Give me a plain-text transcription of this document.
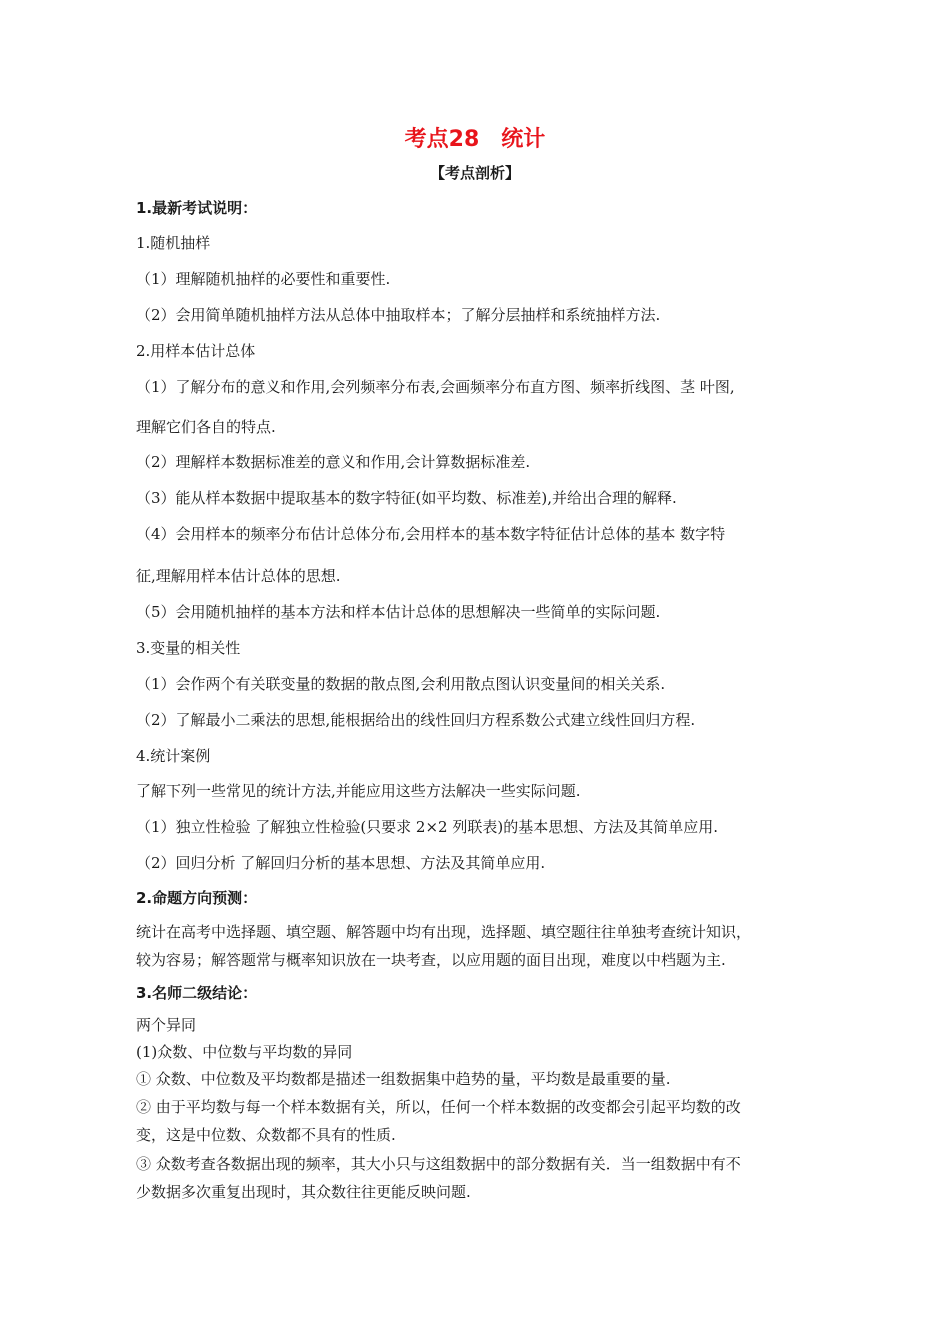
考点28 统计
【考点剖析】
1.最新考试说明：
1.随机抽样
（1）理解随机抽样的必要性和重要性.
（2）会用简单随机抽样方法从总体中抽取样本；了解分层抽样和系统抽样方法.
2.用样本估计总体
（1）了解分布的意义和作用,会列频率分布表,会画频率分布直方图、频率折线图、茎 叶图,
理解它们各自的特点.
（2）理解样本数据标准差的意义和作用,会计算数据标准差.
（3）能从样本数据中提取基本的数字特征(如平均数、标准差),并给出合理的解释.
（4）会用样本的频率分布估计总体分布,会用样本的基本数字特征估计总体的基本 数字特
征,理解用样本估计总体的思想.
（5）会用随机抽样的基本方法和样本估计总体的思想解决一些简单的实际问题.
3.变量的相关性
（1）会作两个有关联变量的数据的散点图,会利用散点图认识变量间的相关关系.
（2）了解最小二乘法的思想,能根据给出的线性回归方程系数公式建立线性回归方程.
4.统计案例
了解下列一些常见的统计方法,并能应用这些方法解决一些实际问题.
（1）独立性检验 了解独立性检验(只要求 2×2 列联表)的基本思想、方法及其简单应用.
（2）回归分析 了解回归分析的基本思想、方法及其简单应用.
2.命题方向预测：
统计在高考中选择题、填空题、解答题中均有出现，选择题、填空题往往单独考查统计知识，
较为容易；解答题常与概率知识放在一块考查，以应用题的面目出现，难度以中档题为主.
3.名师二级结论：
两个异同
(1)众数、中位数与平均数的异同
① 众数、中位数及平均数都是描述一组数据集中趋势的量，平均数是最重要的量.
② 由于平均数与每一个样本数据有关，所以，任何一个样本数据的改变都会引起平均数的改
变，这是中位数、众数都不具有的性质.
③ 众数考查各数据出现的频率，其大小只与这组数据中的部分数据有关．当一组数据中有不
少数据多次重复出现时，其众数往往更能反映问题.
